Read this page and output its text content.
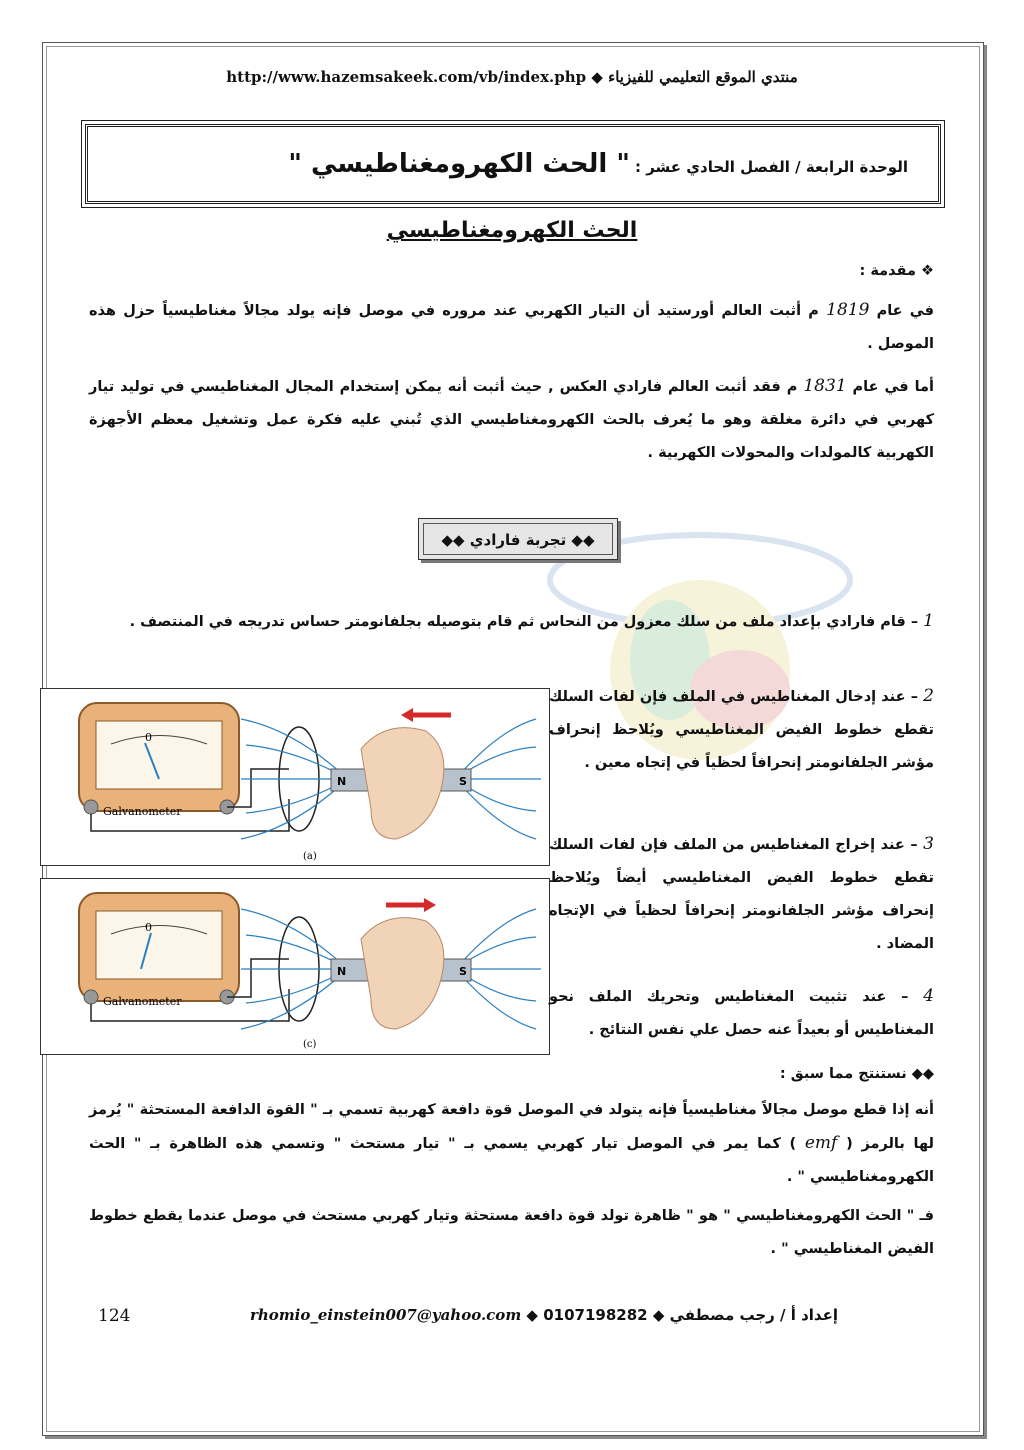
منتدي الموقع التعليمي للفيزياء ◆ http://www.hazemsakeek.com/vb/index.php
الوحدة الرابعة / الفصل الحادي عشر : " الحث الكهرومغناطيسي "
الحث الكهرومغناطيسي
❖ مقدمة :
في عام 1819 م أثبت العالم أورستيد أن التيار الكهربي عند مروره في موصل فإنه يولد مجالاً مغناطيسياً حزل هذه الموصل .
أما في عام 1831 م فقد أثبت العالم فارادي العكس , حيث أثبت أنه يمكن إستخدام المجال المغناطيسي في توليد تيار كهربي في دائرة مغلقة وهو ما يُعرف بالحث الكهرومغناطيسي الذي تُبني عليه فكرة عمل وتشغيل معظم الأجهزة الكهربية كالمولدات والمحولات الكهربية .
◆◆ تجربة فارادي ◆◆
1 – قام فارادي بإعداد ملف من سلك معزول من النحاس ثم قام بتوصيله بجلفانومتر حساس تدريجه في المنتصف .
0
Galvanometer
N	S
(a)
0
Galvanometer
N	S
(c)
2 – عند إدخال المغناطيس في الملف فإن لفات السلك تقطع خطوط الفيض المغناطيسي ويُلاحظ إنحراف مؤشر الجلفانومتر إنحرافاً لحظياً في إتجاه معين .
3 – عند إخراج المغناطيس من الملف فإن لفات السلك تقطع خطوط الفيض المغناطيسي أيضاً ويُلاحظ إنحراف مؤشر الجلفانومتر إنحرافاً لحظياً في الإتجاه المضاد .
4 – عند تثبيت المغناطيس وتحريك الملف نحو المغناطيس أو بعيداً عنه حصل علي نفس النتائج .
◆◆ نستنتج مما سبق :
أنه إذا قطع موصل مجالاً مغناطيسياً فإنه يتولد في الموصل قوة دافعة كهربية تسمي بـ " القوة الدافعة المستحثة " يُرمز لها بالرمز ( emf ) كما يمر في الموصل تيار كهربي يسمي بـ " تيار مستحث " وتسمي هذه الظاهرة بـ " الحث الكهرومغناطيسي " .
فـ " الحث الكهرومغناطيسي " هو " ظاهرة تولد قوة دافعة مستحثة وتيار كهربي مستحث في موصل عندما يقطع خطوط الفيض المغناطيسي " .
124	rhomio_einstein007@yahoo.com ◆ 0107198282 ◆ إعداد أ / رجب مصطفي
